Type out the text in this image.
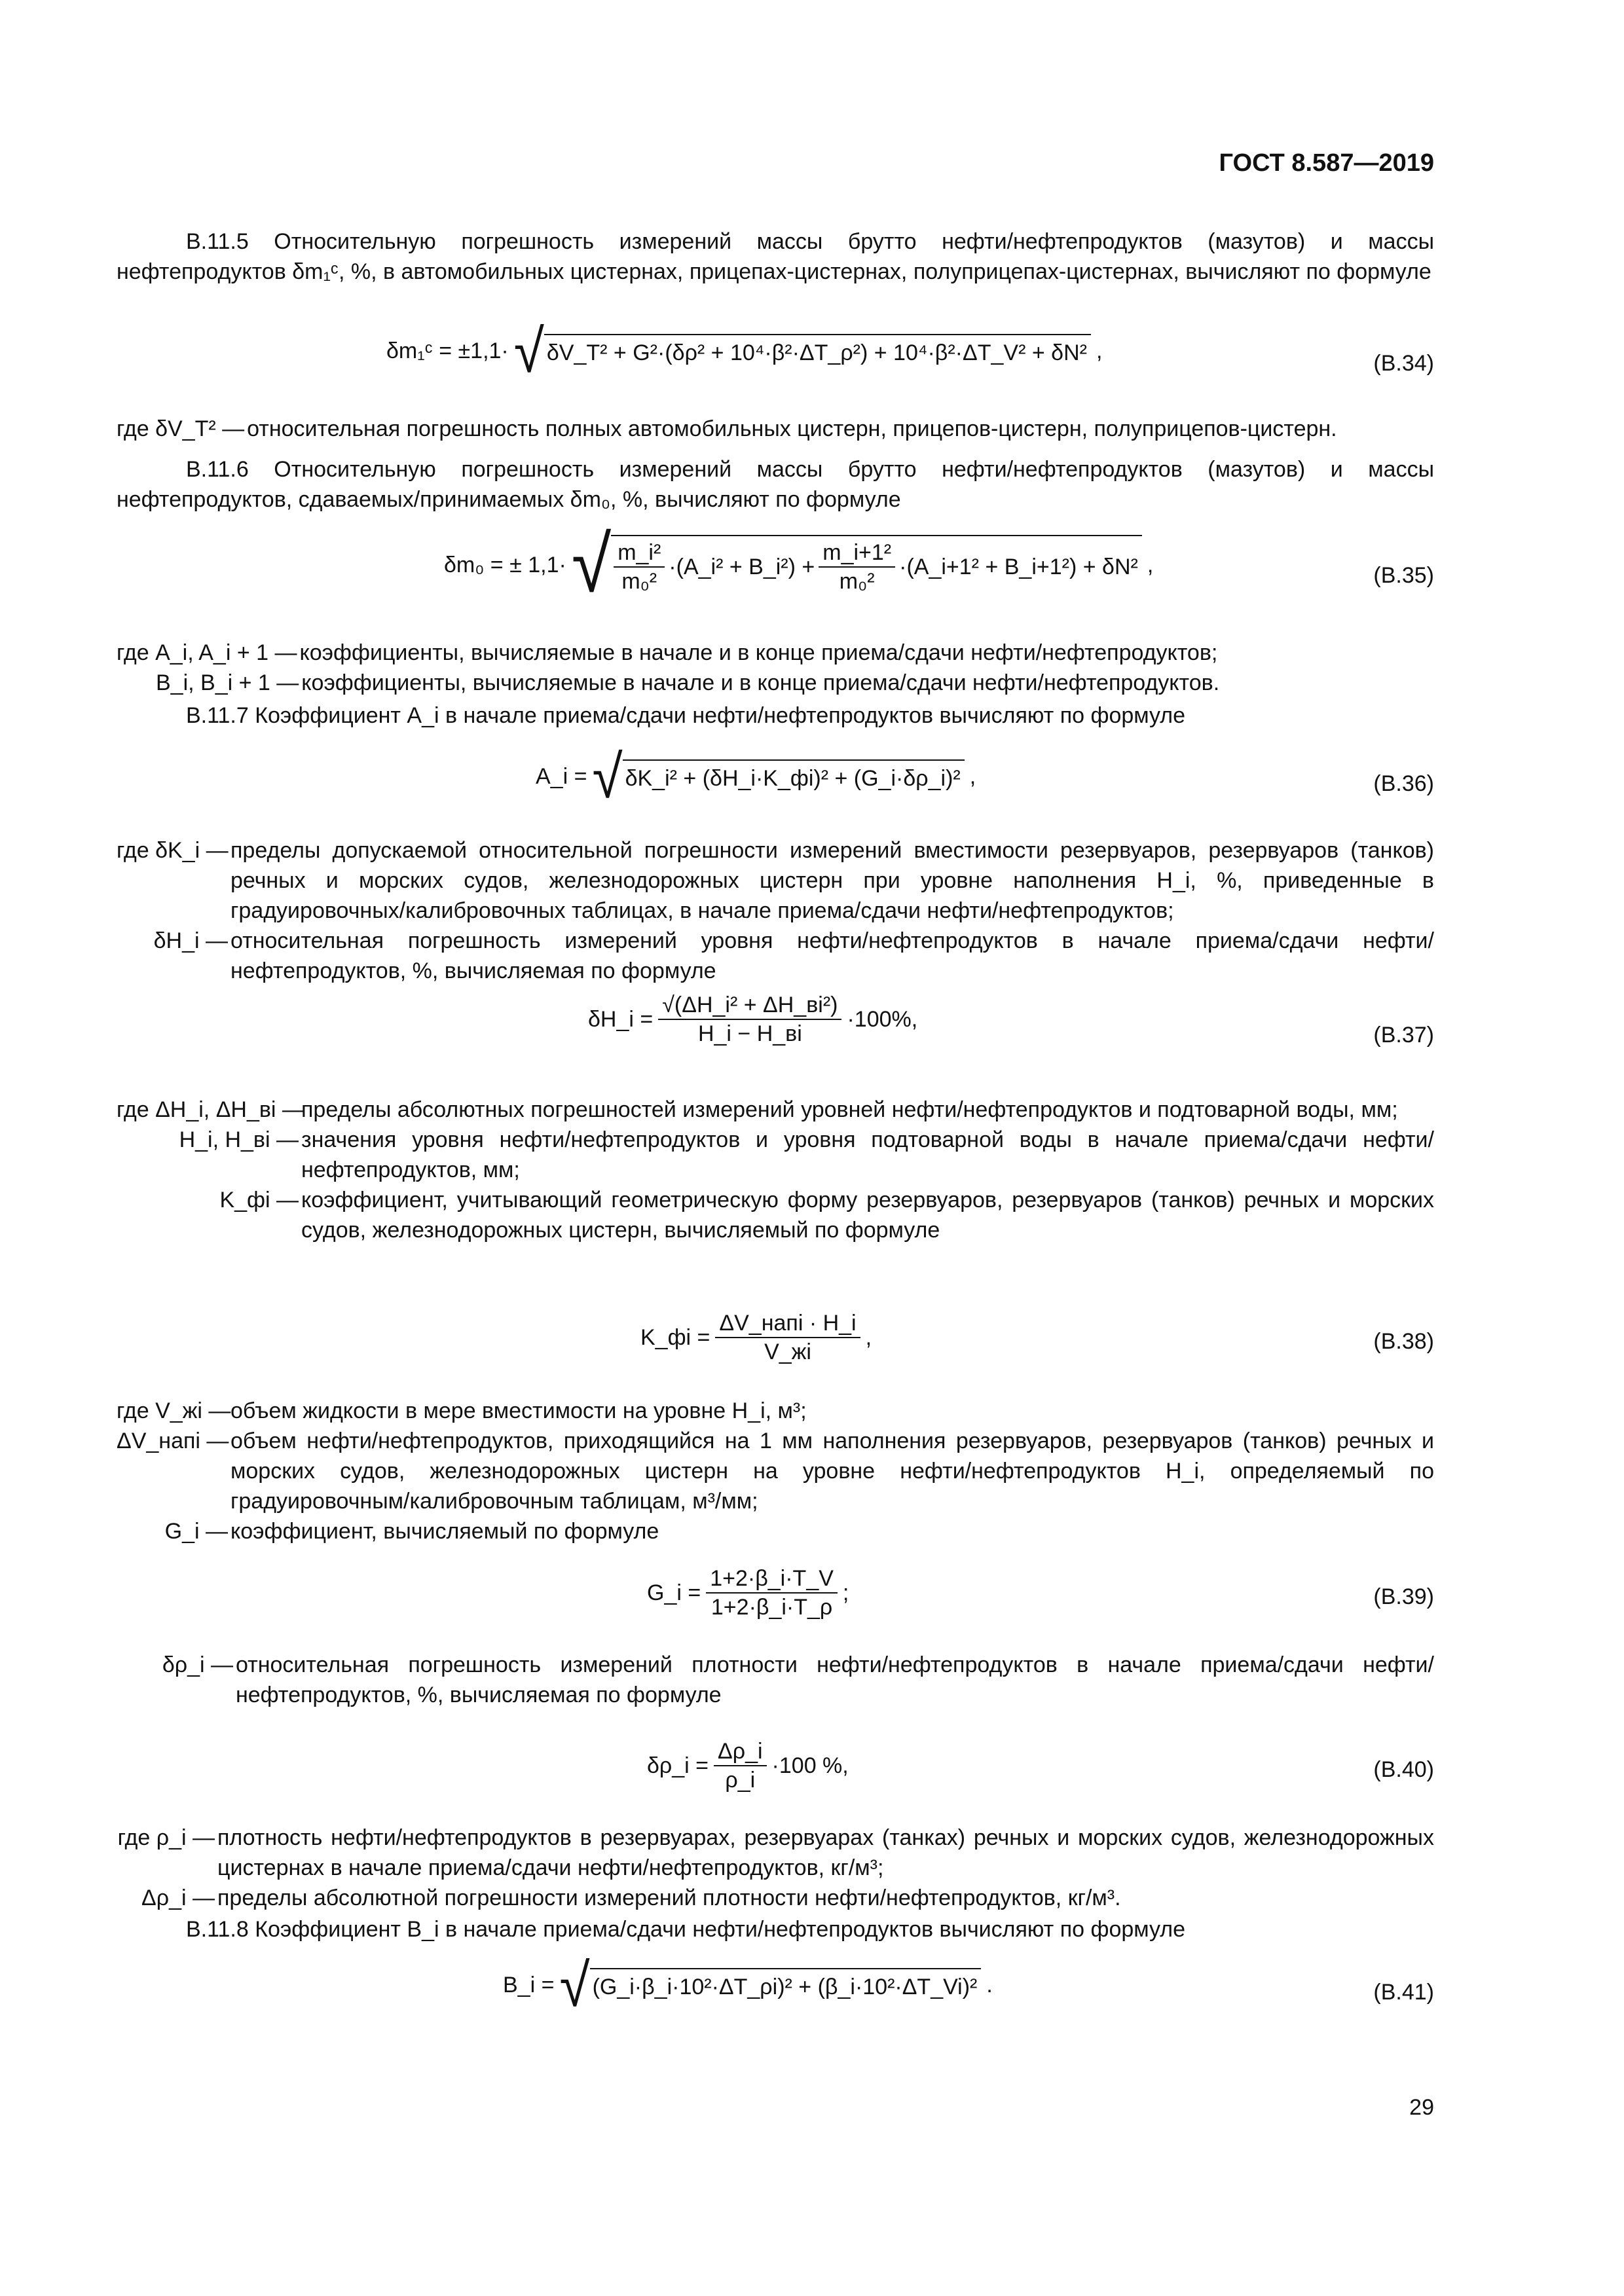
ГОСТ 8.587—2019
В.11.5 Относительную погрешность измерений массы брутто нефти/нефтепродуктов (мазутов) и массы нефтепродуктов δm₁ᶜ, %, в автомобильных цистернах, прицепах-цистернах, полуприцепах-цистернах, вычисляют по формуле
δm₁ᶜ = ±1,1· √ δV_T² + G²·(δρ² + 10⁴·β²·ΔT_ρ²) + 10⁴·β²·ΔT_V² + δN² ,	(В.34)
где δV_T² — относительная погрешность полных автомобильных цистерн, прицепов-цистерн, полуприцепов-цистерн.
В.11.6 Относительную погрешность измерений массы брутто нефти/нефтепродуктов (мазутов) и массы нефтепродуктов, сдаваемых/принимаемых δm₀, %, вычисляют по формуле
δm₀ = ± 1,1· √ $\frac{\text{m\_i²}}{\text{m₀²}}$ ·(A_i² + B_i²) + $\frac{\text{m\_i+1²}}{\text{m₀²}}$ ·(A_i+1² + B_i+1²) + δN² ,	(В.35)
где A_i, A_i + 1 — коэффициенты, вычисляемые в начале и в конце приема/сдачи нефти/нефтепродуктов;
B_i, B_i + 1 — коэффициенты, вычисляемые в начале и в конце приема/сдачи нефти/нефтепродуктов.
В.11.7 Коэффициент A_i в начале приема/сдачи нефти/нефтепродуктов вычисляют по формуле
A_i = √ δK_i² + (δH_i·K_фi)² + (G_i·δρ_i)² ,	(В.36)
где δK_i — пределы допускаемой относительной погрешности измерений вместимости резервуаров, резервуаров (танков) речных и морских судов, железнодорожных цистерн при уровне наполнения H_i, %, приведенные в градуировочных/калибровочных таблицах, в начале приема/сдачи нефти/нефтепродуктов;
δH_i — относительная погрешность измерений уровня нефти/нефтепродуктов в начале приема/сдачи нефти/нефтепродуктов, %, вычисляемая по формуле
δH_i = $\frac{\text{√(ΔH\_i² + ΔH\_вi²)}}{H\_i - H\_вi} \cdot 100\%$,
(В.37)
где ΔH_i, ΔH_вi —
пределы абсолютных погрешностей измерений уровней нефти/нефтепродуктов и подтоварной воды, мм;
H_i, H_вi — значения уровня нефти/нефтепродуктов и уровня подтоварной воды в начале приема/сдачи нефти/нефтепродуктов, мм;
K_фi — коэффициент, учитывающий геометрическую форму резервуаров, резервуаров (танков) речных и морских судов, железнодорожных цистерн, вычисляемый по формуле
K_фi = $\frac{\text{ΔV\_напi · H\_i}}{V\_жi}$ ,	(В.38)
где V_жi — объем жидкости в мере вместимости на уровне H_i, м³;
ΔV_напi — объем нефти/нефтепродуктов, приходящийся на 1 мм наполнения резервуаров, резервуаров (танков) речных и морских судов, железнодорожных цистерн на уровне нефти/нефтепродуктов H_i, определяемый по градуировочным/калибровочным таблицам, м³/мм;
G_i — коэффициент, вычисляемый по формуле
G_i = $\frac{1+2\cdot\beta\_i\cdot T\_V}{1+2\cdot\beta\_i\cdot T\_\rho}$ ;	(В.39)
δρ_i — относительная погрешность измерений плотности нефти/нефтепродуктов в начале приема/сдачи нефти/нефтепродуктов, %, вычисляемая по формуле
δρ_i = $\frac{\Delta\rho\_i}{\rho\_i} \cdot 100$ %,	(В.40)
где ρ_i — плотность нефти/нефтепродуктов в резервуарах, резервуарах (танках) речных и морских судов, железнодорожных цистернах в начале приема/сдачи нефти/нефтепродуктов, кг/м³;
Δρ_i — пределы абсолютной погрешности измерений плотности нефти/нефтепродуктов, кг/м³.
В.11.8 Коэффициент B_i в начале приема/сдачи нефти/нефтепродуктов вычисляют по формуле
B_i = √ (G_i·β_i·10²·ΔT_ρi)² + (β_i·10²·ΔT_Vi)² .	(В.41)
29
